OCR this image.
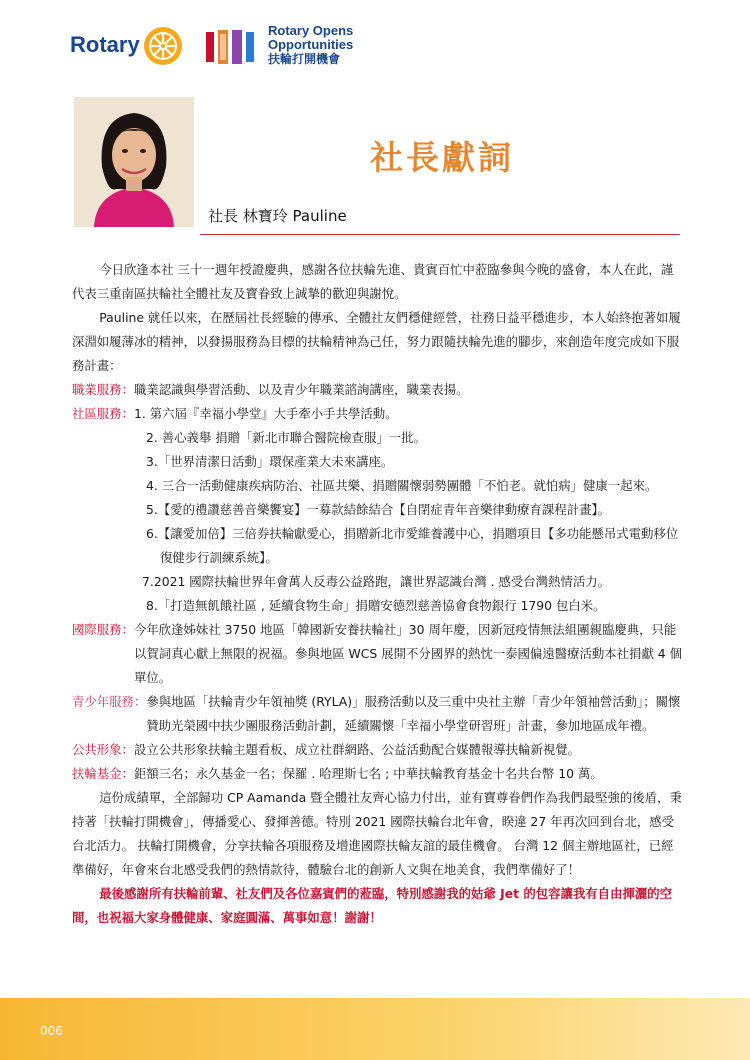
Rotary
Rotary Opens
Opportunities
扶輪打開機會
社長獻詞
社長 林寶玲 Pauline

今日欣逢本社 三十一週年授證慶典，感謝各位扶輪先進、貴賓百忙中蒞臨參與今晚的盛會，本人在此，謹代表三重南區扶輪社全體社友及寶眷致上誠摯的歡迎與謝悅。

Pauline 就任以來，在歷屆社長經驗的傳承、全體社友們穩健經營，社務日益平穩進步，本人始終抱著如履深淵如履薄冰的精神，以發揚服務為目標的扶輪精神為己任，努力跟隨扶輪先進的腳步，來創造年度完成如下服務計畫：

職業服務： 職業認識與學習活動、以及青少年職業諮詢講座，職業表揚。
社區服務： 1. 第六屆『幸福小學堂』大手牽小手共學活動。
2. 善心義舉 捐贈「新北市聯合醫院檢查服」一批。
3.「世界清潔日活動」環保產業大未來講座。
4. 三合一活動健康疾病防治、社區共樂、捐贈關懷弱勢團體「不怕老。就怕病」健康一起來。
5.【愛的禮讚慈善音樂饗宴】一募款結餘結合【自閉症青年音樂律動療育課程計畫】。
6.【讓愛加倍】三倍券扶輪獻愛心，捐贈新北市愛維養護中心，捐贈項目【多功能懸吊式電動移位復健步行訓練系統】。
7.2021 國際扶輪世界年會萬人反毒公益路跑，讓世界認識台灣 . 感受台灣熱情活力。
8.「打造無飢餓社區 , 延續食物生命」捐贈安德烈慈善協會食物銀行 1790 包白米。
國際服務： 今年欣逢姊妹社 3750 地區「韓國新安養扶輪社」30 周年慶，因新冠疫情無法組團親臨慶典，只能以賀詞真心獻上無限的祝福。參與地區 WCS 展開不分國界的熱忱一泰國偏遠醫療活動本社捐獻 4 個單位。
青少年服務： 參與地區「扶輪青少年領袖獎 (RYLA)」服務活動以及三重中央社主辦「青少年領袖營活動」；關懷贊助光榮國中扶少團服務活動計劃，延續關懷「幸福小學堂研習班」計畫，參加地區成年禮。
公共形象： 設立公共形象扶輪主題看板、成立社群網路、公益活動配合媒體報導扶輪新視覺。
扶輪基金： 鉅額三名；永久基金一名；保羅 . 哈理斯七名 ; 中華扶輪教育基金十名共台幣 10 萬。

這份成績單，全部歸功 CP Aamanda 暨全體社友齊心協力付出，並有寶尊眷們作為我們最堅強的後盾，秉持著「扶輪打開機會」，傳播愛心、發揮善德。特別 2021 國際扶輪台北年會，睽違 27 年再次回到台北，感受台北活力。 扶輪打開機會，分享扶輪各項服務及增進國際扶輪友誼的最佳機會。 台灣 12 個主辦地區社，已經準備好，年會來台北感受我們的熱情款待，體驗台北的創新人文與在地美食，我們準備好了！

最後感謝所有扶輪前輩、社友們及各位嘉賓們的蒞臨，特別感謝我的姑爺 Jet 的包容讓我有自由揮灑的空間，也祝福大家身體健康、家庭圓滿、萬事如意！謝謝！

006
